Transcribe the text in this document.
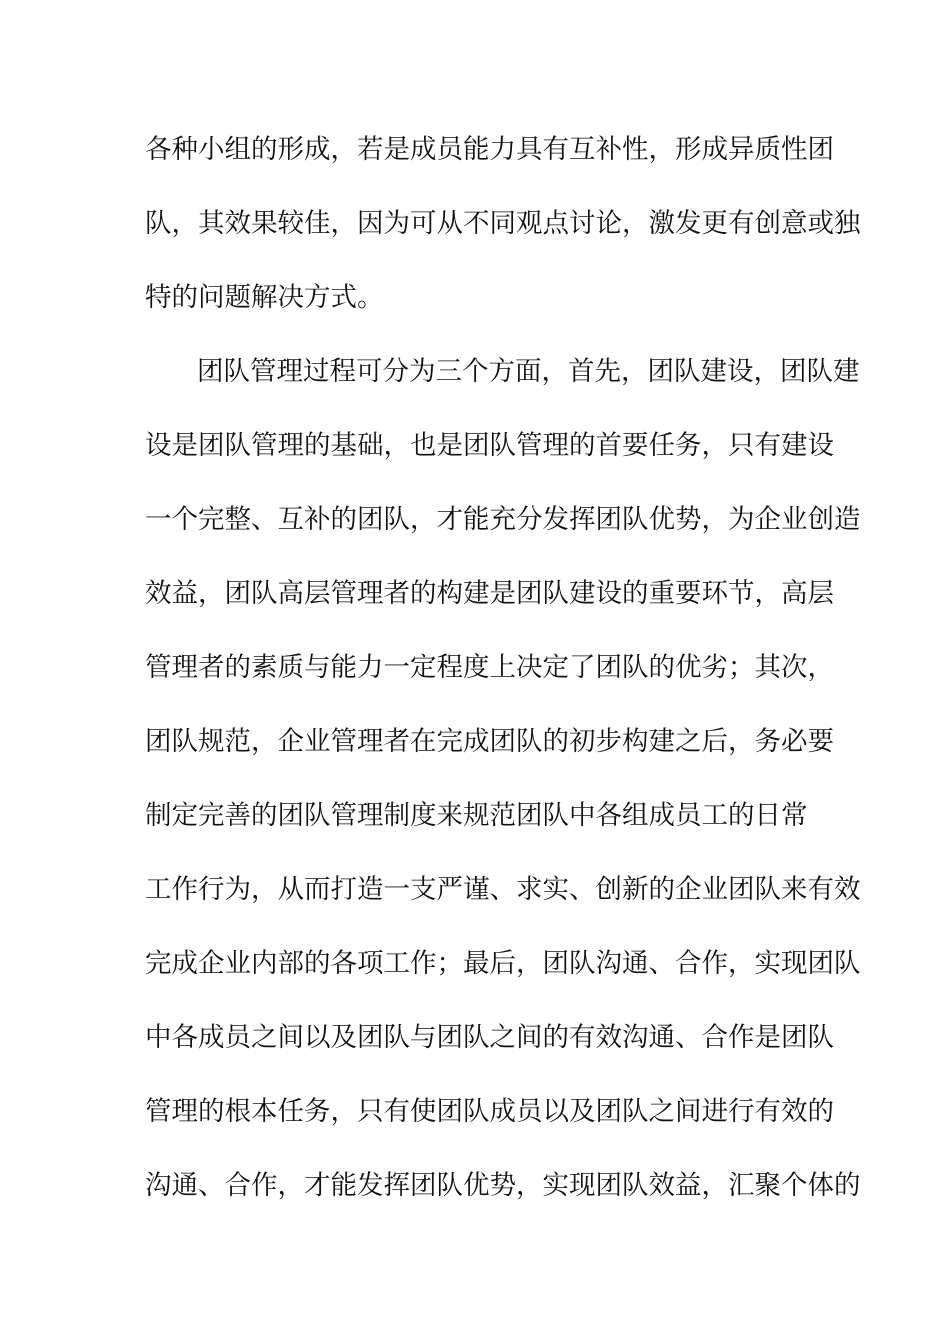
各种小组的形成，若是成员能力具有互补性，形成异质性团
队，其效果较佳，因为可从不同观点讨论，激发更有创意或独
特的问题解决方式。
团队管理过程可分为三个方面，首先，团队建设，团队建
设是团队管理的基础，也是团队管理的首要任务，只有建设
一个完整、互补的团队，才能充分发挥团队优势，为企业创造
效益，团队高层管理者的构建是团队建设的重要环节，高层
管理者的素质与能力一定程度上决定了团队的优劣；其次，
团队规范，企业管理者在完成团队的初步构建之后，务必要
制定完善的团队管理制度来规范团队中各组成员工的日常
工作行为，从而打造一支严谨、求实、创新的企业团队来有效
完成企业内部的各项工作；最后，团队沟通、合作，实现团队
中各成员之间以及团队与团队之间的有效沟通、合作是团队
管理的根本任务，只有使团队成员以及团队之间进行有效的
沟通、合作，才能发挥团队优势，实现团队效益，汇聚个体的
